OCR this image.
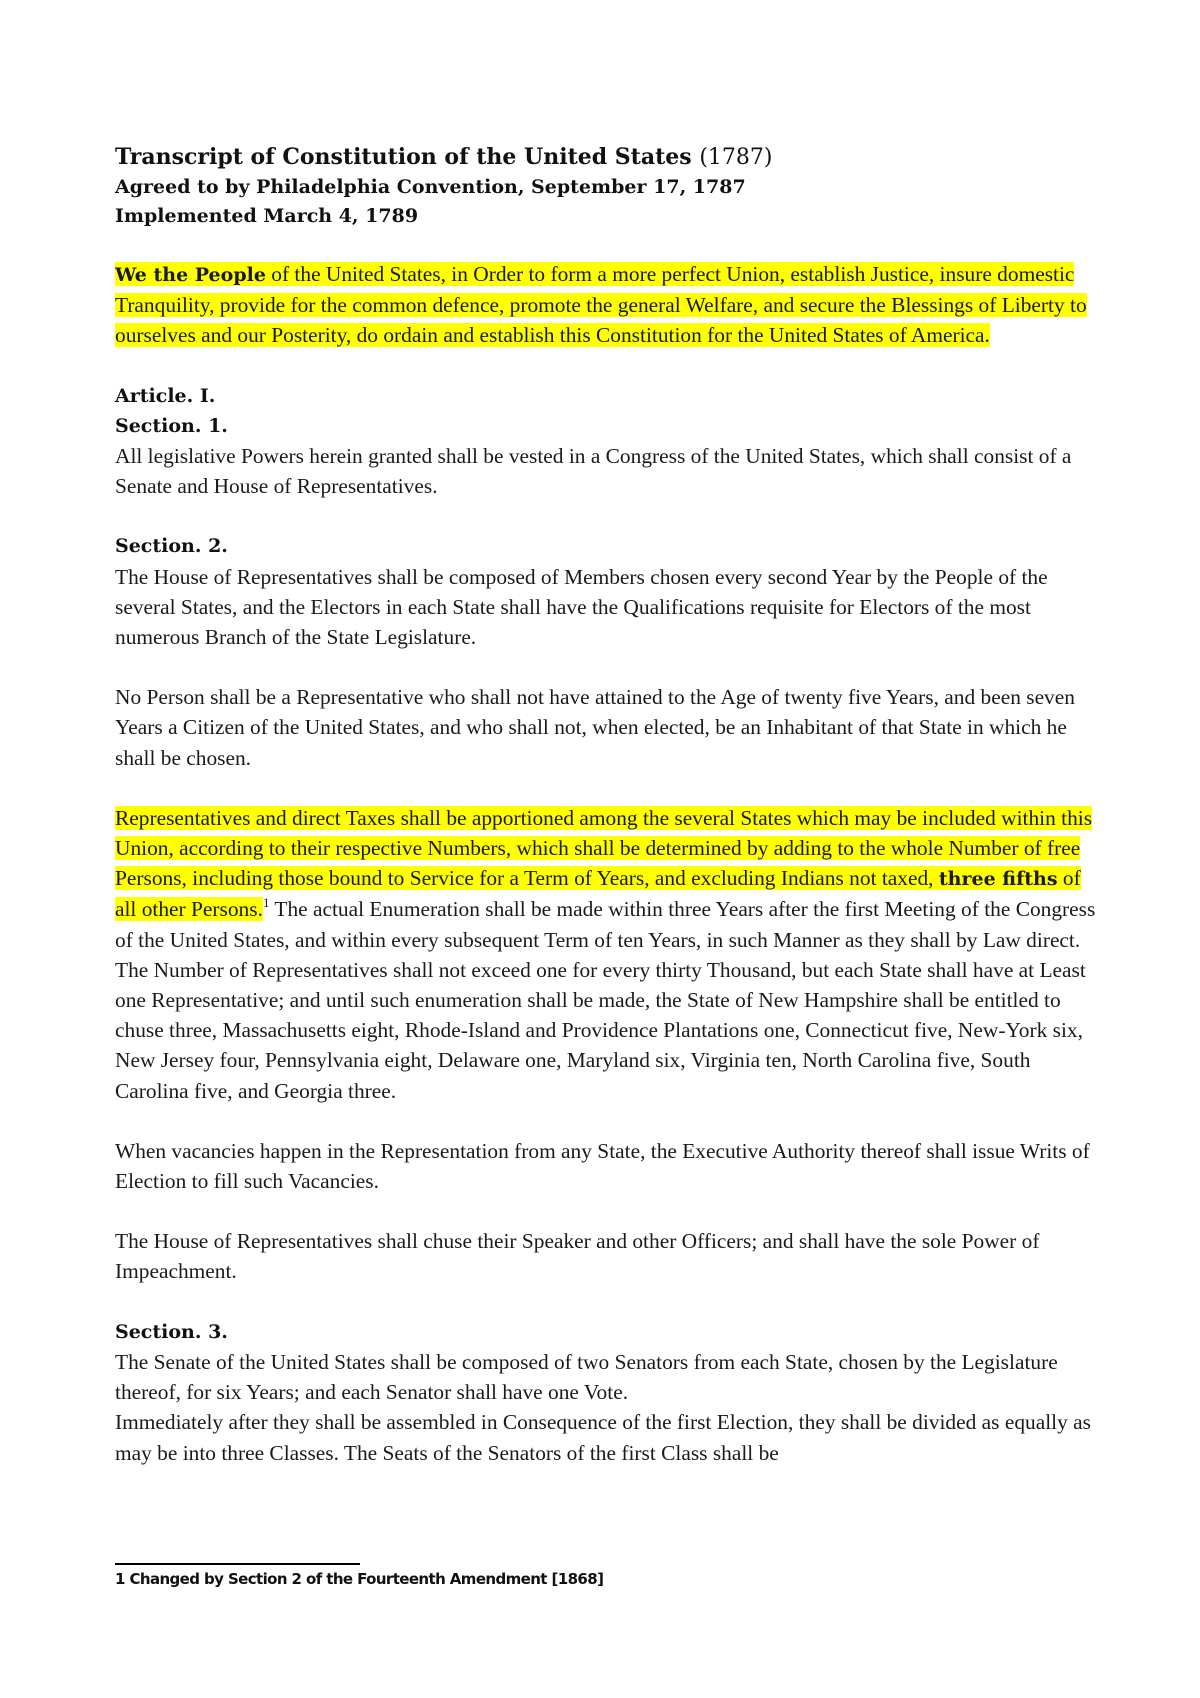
Transcript of Constitution of the United States (1787)
Agreed to by Philadelphia Convention, September 17, 1787
Implemented March 4, 1789

We the People of the United States, in Order to form a more perfect Union, establish Justice, insure domestic Tranquility, provide for the common defence, promote the general Welfare, and secure the Blessings of Liberty to ourselves and our Posterity, do ordain and establish this Constitution for the United States of America.

Article. I.
Section. 1.

All legislative Powers herein granted shall be vested in a Congress of the United States, which shall consist of a Senate and House of Representatives.

Section. 2.

The House of Representatives shall be composed of Members chosen every second Year by the People of the several States, and the Electors in each State shall have the Qualifications requisite for Electors of the most numerous Branch of the State Legislature.

No Person shall be a Representative who shall not have attained to the Age of twenty five Years, and been seven Years a Citizen of the United States, and who shall not, when elected, be an Inhabitant of that State in which he shall be chosen.

Representatives and direct Taxes shall be apportioned among the several States which may be included within this Union, according to their respective Numbers, which shall be determined by adding to the whole Number of free Persons, including those bound to Service for a Term of Years, and excluding Indians not taxed, three fifths of all other Persons.$^1$ The actual Enumeration shall be made within three Years after the first Meeting of the Congress of the United States, and within every subsequent Term of ten Years, in such Manner as they shall by Law direct. The Number of Representatives shall not exceed one for every thirty Thousand, but each State shall have at Least one Representative; and until such enumeration shall be made, the State of New Hampshire shall be entitled to chuse three, Massachusetts eight, Rhode-Island and Providence Plantations one, Connecticut five, New-York six, New Jersey four, Pennsylvania eight, Delaware one, Maryland six, Virginia ten, North Carolina five, South Carolina five, and Georgia three.

When vacancies happen in the Representation from any State, the Executive Authority thereof shall issue Writs of Election to fill such Vacancies.

The House of Representatives shall chuse their Speaker and other Officers; and shall have the sole Power of Impeachment.

Section. 3.

The Senate of the United States shall be composed of two Senators from each State, chosen by the Legislature thereof, for six Years; and each Senator shall have one Vote.

Immediately after they shall be assembled in Consequence of the first Election, they shall be divided as equally as may be into three Classes. The Seats of the Senators of the first Class shall be

1 Changed by Section 2 of the Fourteenth Amendment [1868]
